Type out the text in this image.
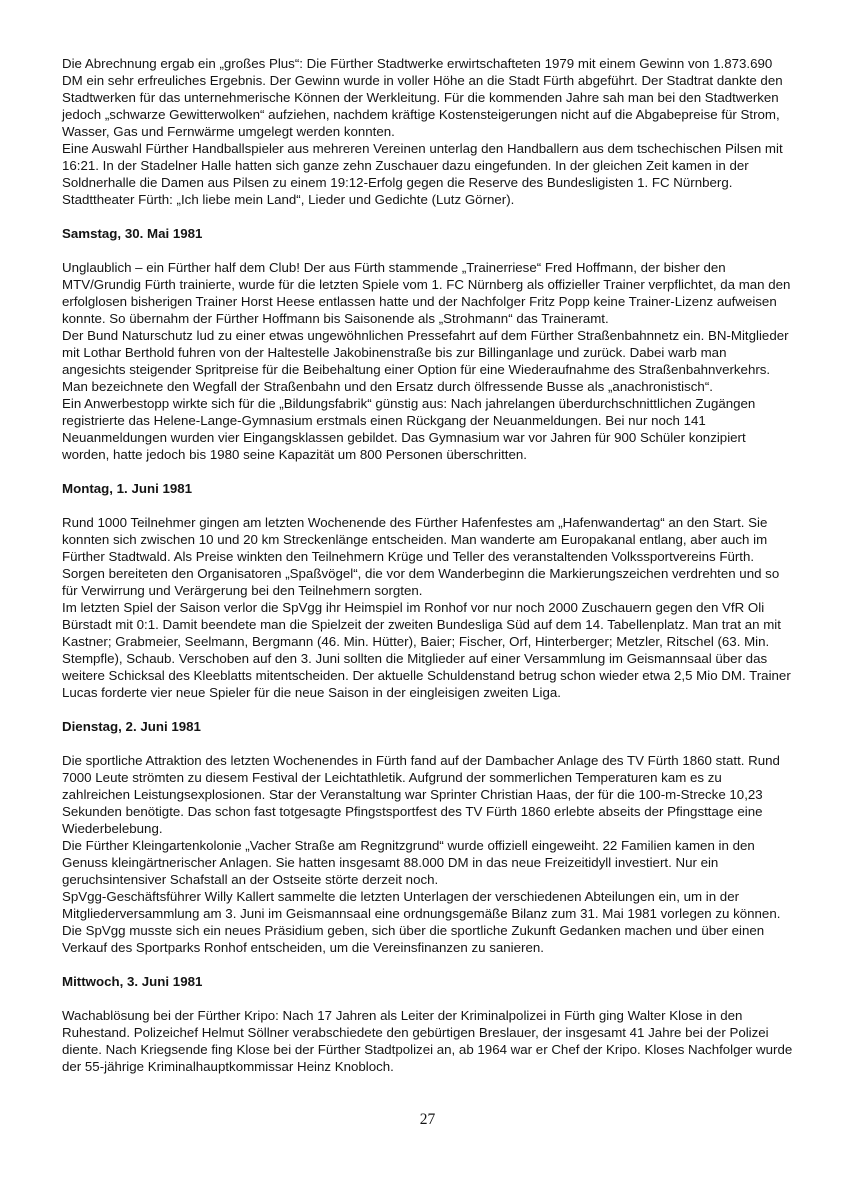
Die Abrechnung ergab ein „großes Plus“: Die Fürther Stadtwerke erwirtschafteten 1979 mit einem Gewinn von 1.873.690 DM ein sehr erfreuliches Ergebnis. Der Gewinn wurde in voller Höhe an die Stadt Fürth abgeführt. Der Stadtrat dankte den Stadtwerken für das unternehmerische Können der Werkleitung. Für die kommenden Jahre sah man bei den Stadtwerken jedoch „schwarze Gewitterwolken“ aufziehen, nachdem kräftige Kostensteigerungen nicht auf die Abgabepreise für Strom, Wasser, Gas und Fernwärme umgelegt werden konnten.

Eine Auswahl Fürther Handballspieler aus mehreren Vereinen unterlag den Handballern aus dem tschechischen Pilsen mit 16:21. In der Stadelner Halle hatten sich ganze zehn Zuschauer dazu eingefunden. In der gleichen Zeit kamen in der Soldnerhalle die Damen aus Pilsen zu einem 19:12-Erfolg gegen die Reserve des Bundesligisten 1. FC Nürnberg.

Stadttheater Fürth: „Ich liebe mein Land“, Lieder und Gedichte (Lutz Görner).

Samstag, 30. Mai 1981

Unglaublich – ein Fürther half dem Club! Der aus Fürth stammende „Trainerriese“ Fred Hoffmann, der bisher den MTV/Grundig Fürth trainierte, wurde für die letzten Spiele vom 1. FC Nürnberg als offizieller Trainer verpflichtet, da man den erfolglosen bisherigen Trainer Horst Heese entlassen hatte und der Nachfolger Fritz Popp keine Trainer-Lizenz aufweisen konnte. So übernahm der Fürther Hoffmann bis Saisonende als „Strohmann“ das Traineramt.

Der Bund Naturschutz lud zu einer etwas ungewöhnlichen Pressefahrt auf dem Fürther Straßenbahnnetz ein. BN-Mitglieder mit Lothar Berthold fuhren von der Haltestelle Jakobinenstraße bis zur Billinganlage und zurück. Dabei warb man angesichts steigender Spritpreise für die Beibehaltung einer Option für eine Wiederaufnahme des Straßenbahnverkehrs. Man bezeichnete den Wegfall der Straßenbahn und den Ersatz durch ölfressende Busse als „anachronistisch“.

Ein Anwerbestopp wirkte sich für die „Bildungsfabrik“ günstig aus: Nach jahrelangen überdurchschnittlichen Zugängen registrierte das Helene-Lange-Gymnasium erstmals einen Rückgang der Neuanmeldungen. Bei nur noch 141 Neuanmeldungen wurden vier Eingangsklassen gebildet. Das Gymnasium war vor Jahren für 900 Schüler konzipiert worden, hatte jedoch bis 1980 seine Kapazität um 800 Personen überschritten.

Montag, 1. Juni 1981

Rund 1000 Teilnehmer gingen am letzten Wochenende des Fürther Hafenfestes am „Hafenwandertag“ an den Start. Sie konnten sich zwischen 10 und 20 km Streckenlänge entscheiden. Man wanderte am Europakanal entlang, aber auch im Fürther Stadtwald. Als Preise winkten den Teilnehmern Krüge und Teller des veranstaltenden Volkssportvereins Fürth. Sorgen bereiteten den Organisatoren „Spaßvögel“, die vor dem Wanderbeginn die Markierungszeichen verdrehten und so für Verwirrung und Verärgerung bei den Teilnehmern sorgten.

Im letzten Spiel der Saison verlor die SpVgg ihr Heimspiel im Ronhof vor nur noch 2000 Zuschauern gegen den VfR Oli Bürstadt mit 0:1. Damit beendete man die Spielzeit der zweiten Bundesliga Süd auf dem 14. Tabellenplatz. Man trat an mit Kastner; Grabmeier, Seelmann, Bergmann (46. Min. Hütter), Baier; Fischer, Orf, Hinterberger; Metzler, Ritschel (63. Min. Stempfle), Schaub. Verschoben auf den 3. Juni sollten die Mitglieder auf einer Versammlung im Geismannsaal über das weitere Schicksal des Kleeblatts mitentscheiden. Der aktuelle Schuldenstand betrug schon wieder etwa 2,5 Mio DM. Trainer Lucas forderte vier neue Spieler für die neue Saison in der eingleisigen zweiten Liga.

Dienstag, 2. Juni 1981

Die sportliche Attraktion des letzten Wochenendes in Fürth fand auf der Dambacher Anlage des TV Fürth 1860 statt. Rund 7000 Leute strömten zu diesem Festival der Leichtathletik. Aufgrund der sommerlichen Temperaturen kam es zu zahlreichen Leistungsexplosionen. Star der Veranstaltung war Sprinter Christian Haas, der für die 100-m-Strecke 10,23 Sekunden benötigte. Das schon fast totgesagte Pfingstsportfest des TV Fürth 1860 erlebte abseits der Pfingsttage eine Wiederbelebung.

Die Fürther Kleingartenkolonie „Vacher Straße am Regnitzgrund“ wurde offiziell eingeweiht. 22 Familien kamen in den Genuss kleingärtnerischer Anlagen. Sie hatten insgesamt 88.000 DM in das neue Freizeitidyll investiert. Nur ein geruchsintensiver Schafstall an der Ostseite störte derzeit noch.

SpVgg-Geschäftsführer Willy Kallert sammelte die letzten Unterlagen der verschiedenen Abteilungen ein, um in der Mitgliederversammlung am 3. Juni im Geismannsaal eine ordnungsgemäße Bilanz zum 31. Mai 1981 vorlegen zu können. Die SpVgg musste sich ein neues Präsidium geben, sich über die sportliche Zukunft Gedanken machen und über einen Verkauf des Sportparks Ronhof entscheiden, um die Vereinsfinanzen zu sanieren.

Mittwoch, 3. Juni 1981

Wachablösung bei der Fürther Kripo: Nach 17 Jahren als Leiter der Kriminalpolizei in Fürth ging Walter Klose in den Ruhestand. Polizeichef Helmut Söllner verabschiedete den gebürtigen Breslauer, der insgesamt 41 Jahre bei der Polizei diente. Nach Kriegsende fing Klose bei der Fürther Stadtpolizei an, ab 1964 war er Chef der Kripo. Kloses Nachfolger wurde der 55-jährige Kriminalhauptkommissar Heinz Knobloch.

27
